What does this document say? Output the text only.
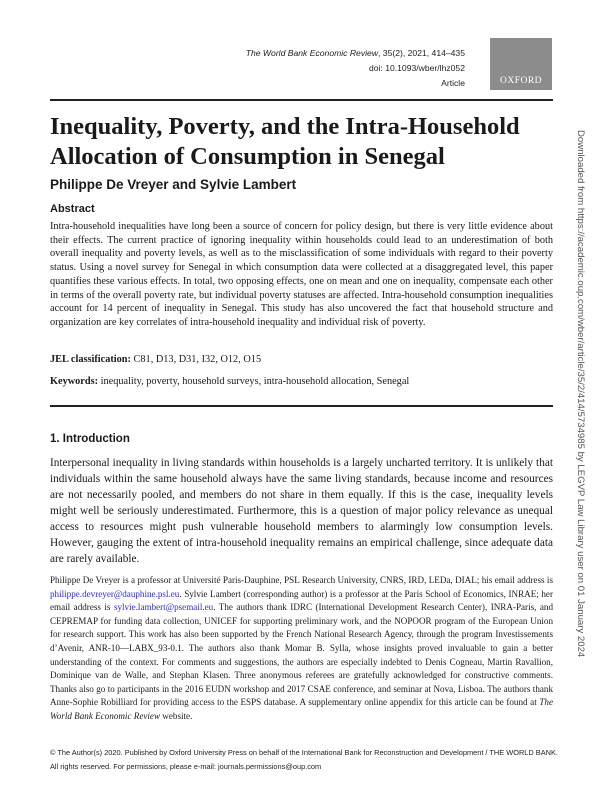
The World Bank Economic Review, 35(2), 2021, 414–435
doi: 10.1093/wber/lhz052
Article	OXFORD
Inequality, Poverty, and the Intra-Household Allocation of Consumption in Senegal
Philippe De Vreyer and Sylvie Lambert
Abstract

Intra-household inequalities have long been a source of concern for policy design, but there is very little evidence about their effects. The current practice of ignoring inequality within households could lead to an underestimation of both overall inequality and poverty levels, as well as to the misclassification of some individuals with regard to their poverty status. Using a novel survey for Senegal in which consumption data were collected at a disaggregated level, this paper quantifies these various effects. In total, two opposing effects, one on mean and one on inequality, compensate each other in terms of the overall poverty rate, but individual poverty statuses are affected. Intra-household consumption inequalities account for 14 percent of inequality in Senegal. This study has also uncovered the fact that household structure and organization are key correlates of intra-household inequality and individual risk of poverty.

JEL classification: C81, D13, D31, I32, O12, O15
Keywords: inequality, poverty, household surveys, intra-household allocation, Senegal
1. Introduction

Interpersonal inequality in living standards within households is a largely uncharted territory. It is unlikely that individuals within the same household always have the same living standards, because income and resources are not necessarily pooled, and members do not share in them equally. If this is the case, inequality levels might well be seriously underestimated. Furthermore, this is a question of major policy relevance as unequal access to resources might push vulnerable household members to alarmingly low consumption levels. However, gauging the extent of intra-household inequality remains an empirical challenge, since adequate data are rarely available.

Philippe De Vreyer is a professor at Université Paris-Dauphine, PSL Research University, CNRS, IRD, LEDa, DIAL; his email address is philippe.devreyer@dauphine.psl.eu. Sylvie Lambert (corresponding author) is a professor at the Paris School of Economics, INRAE; her email address is sylvie.lambert@psemail.eu. The authors thank IDRC (International Development Research Center), INRA-Paris, and CEPREMAP for funding data collection, UNICEF for supporting preliminary work, and the NOPOOR program of the European Union for research support. This work has also been supported by the French National Research Agency, through the program Investissements d’Avenir, ANR-10—LABX_93-0.1. The authors also thank Momar B. Sylla, whose insights proved invaluable to gain a better understanding of the context. For comments and suggestions, the authors are especially indebted to Denis Cogneau, Martin Ravallion, Dominique van de Walle, and Stephan Klasen. Three anonymous referees are gratefully acknowledged for constructive comments. Thanks also go to participants in the 2016 EUDN workshop and 2017 CSAE conference, and seminar at Nova, Lisboa. The authors thank Anne-Sophie Robilliard for providing access to the ESPS database. A supplementary online appendix for this article can be found at The World Bank Economic Review website.

© The Author(s) 2020. Published by Oxford University Press on behalf of the International Bank for Reconstruction and Development / THE WORLD BANK.
All rights reserved. For permissions, please e-mail: journals.permissions@oup.com
Downloaded from https://academic.oup.com/wber/article/35/2/414/5734985 by LEGVP Law Library user on 01 January 2024
